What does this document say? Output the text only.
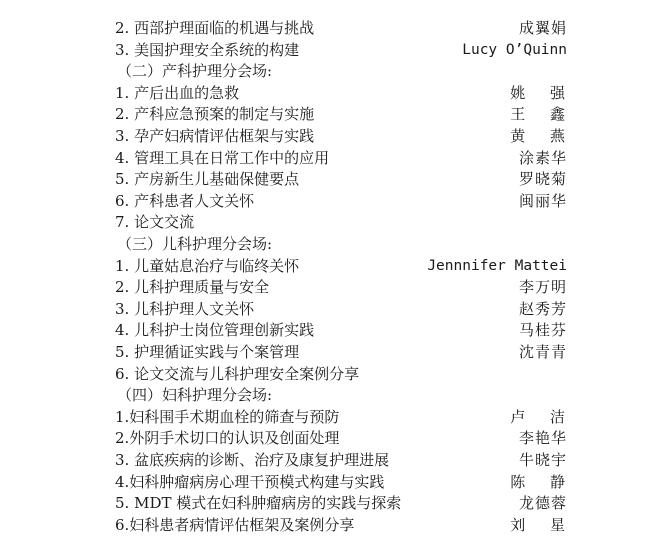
2. 西部护理面临的机遇与挑战	成翼娟
3. 美国护理安全系统的构建	Lucy O’Quinn
（二）产科护理分会场:
1. 产后出血的急救	姚 强
2. 产科应急预案的制定与实施	王 鑫
3. 孕产妇病情评估框架与实践	黄 燕
4. 管理工具在日常工作中的应用	涂素华
5. 产房新生儿基础保健要点	罗晓菊
6. 产科患者人文关怀	闽丽华
7. 论文交流
（三）儿科护理分会场:
1. 儿童姑息治疗与临终关怀	Jennnifer Mattei
2. 儿科护理质量与安全	李万明
3. 儿科护理人文关怀	赵秀芳
4. 儿科护士岗位管理创新实践	马桂芬
5. 护理循证实践与个案管理	沈青青
6. 论文交流与儿科护理安全案例分享
（四）妇科护理分会场:
1.妇科围手术期血栓的筛查与预防	卢 洁
2.外阴手术切口的认识及创面处理	李艳华
3. 盆底疾病的诊断、治疗及康复护理进展	牛晓宇
4.妇科肿瘤病房心理干预模式构建与实践	陈 静
5. MDT 模式在妇科肿瘤病房的实践与探索	龙德蓉
6.妇科患者病情评估框架及案例分享	刘 星
